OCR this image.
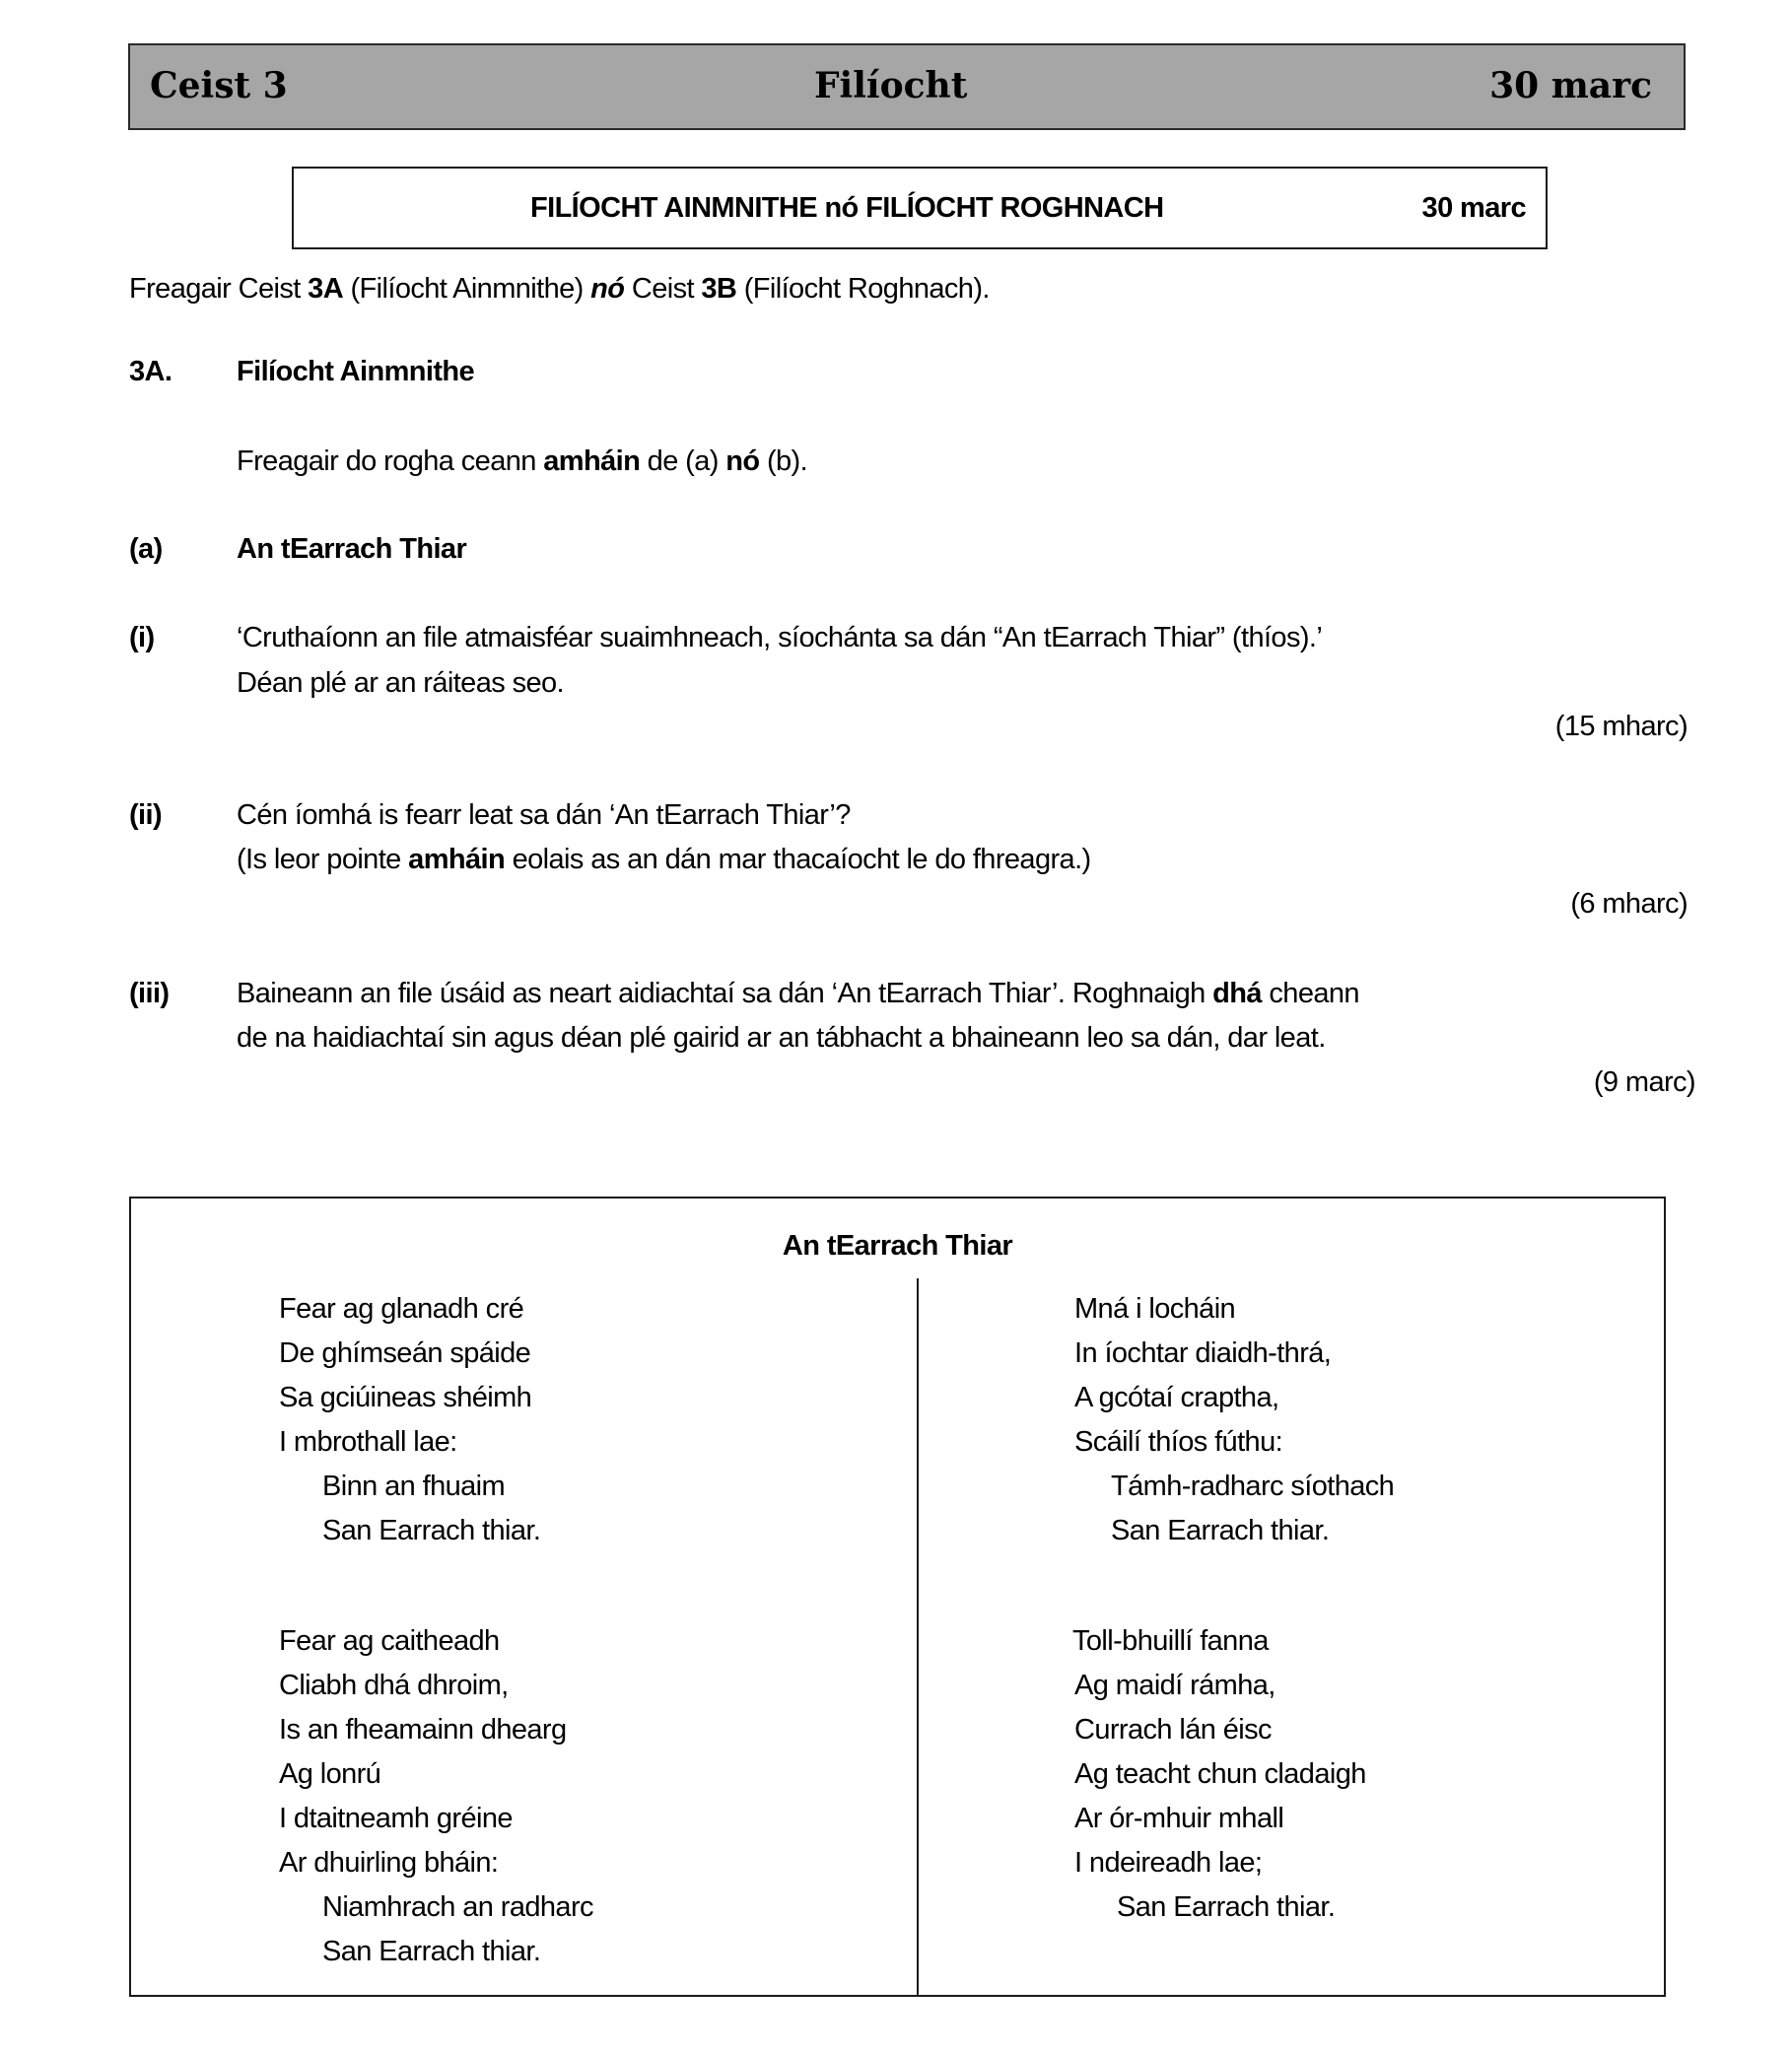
Ceist 3	Filíocht	30 marc
FILÍOCHT AINMNITHE nó FILÍOCHT ROGHNACH	30 marc
Freagair Ceist 3A (Filíocht Ainmnithe) nó Ceist 3B (Filíocht Roghnach).
3A. Filíocht Ainmnithe
Freagair do rogha ceann amháin de (a) nó (b).
(a)	An tEarrach Thiar
(i)	‘Cruthaíonn an file atmaisféar suaimhneach, síochánta sa dán “An tEarrach Thiar” (thíos).’
Déan plé ar an ráiteas seo.
(15 mharc)
(ii)	Cén íomhá is fearr leat sa dán ‘An tEarrach Thiar’?
(Is leor pointe amháin eolais as an dán mar thacaíocht le do fhreagra.)
(6 mharc)
(iii) Baineann an file úsáid as neart aidiachtaí sa dán ‘An tEarrach Thiar’. Roghnaigh dhá cheann
de na haidiachtaí sin agus déan plé gairid ar an tábhacht a bhaineann leo sa dán, dar leat.
(9 marc)
An tEarrach Thiar
Fear ag glanadh cré
De ghímseán spáide
Sa gciúineas shéimh
I mbrothall lae:
Binn an fhuaim
San Earrach thiar.
Fear ag caitheadh
Cliabh dhá dhroim,
Is an fheamainn dhearg
Ag lonrú
I dtaitneamh gréine
Ar dhuirling bháin:
Niamhrach an radharc
San Earrach thiar.
Mná i locháin
In íochtar diaidh-thrá,
A gcótaí craptha,
Scáilí thíos fúthu:
Támh-radharc síothach
San Earrach thiar.
Toll-bhuillí fanna
Ag maidí rámha,
Currach lán éisc
Ag teacht chun cladaigh
Ar ór-mhuir mhall
I ndeireadh lae;
San Earrach thiar.
